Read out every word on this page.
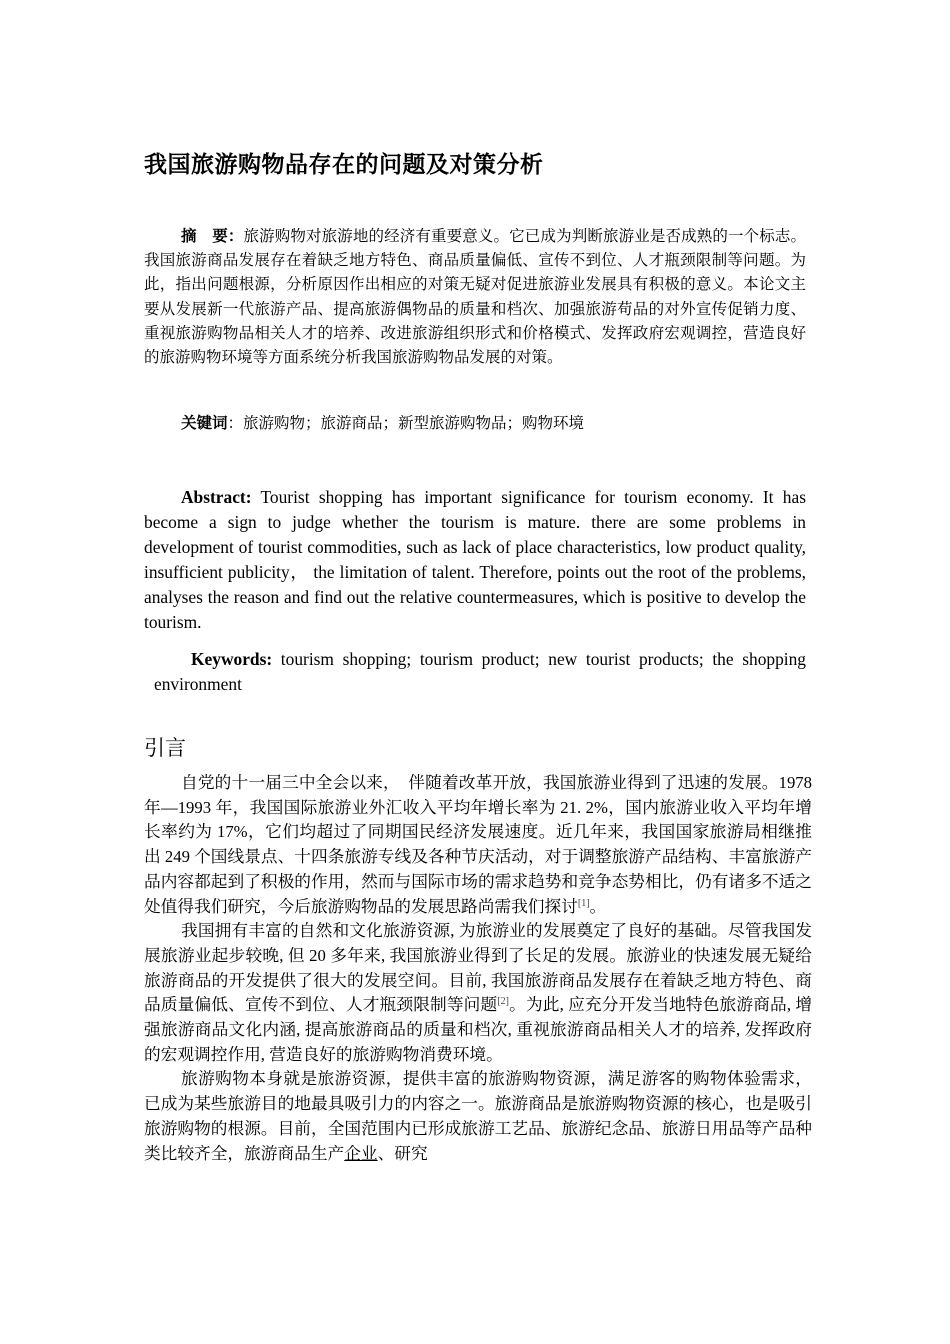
我国旅游购物品存在的问题及对策分析
摘　要：旅游购物对旅游地的经济有重要意义。它已成为判断旅游业是否成熟的一个标志。我国旅游商品发展存在着缺乏地方特色、商品质量偏低、宣传不到位、人才瓶颈限制等问题。为此，指出问题根源，分析原因作出相应的对策无疑对促进旅游业发展具有积极的意义。本论文主要从发展新一代旅游产品、提高旅游偶物品的质量和档次、加强旅游苟品的对外宣传促销力度、重视旅游购物品相关人才的培养、改进旅游组织形式和价格模式、发挥政府宏观调控，营造良好的旅游购物环境等方面系统分析我国旅游购物品发展的对策。
关键词：旅游购物；旅游商品；新型旅游购物品；购物环境
Abstract: Tourist shopping has important significance for tourism economy. It has become a sign to judge whether the tourism is mature. there are some problems in development of tourist commodities, such as lack of place characteristics, low product quality, insufficient publicity， the limitation of talent. Therefore, points out the root of the problems, analyses the reason and find out the relative countermeasures, which is positive to develop the tourism.
Keywords: tourism shopping; tourism product; new tourist products; the shopping environment
引言

自党的十一届三中全会以来，　伴随着改革开放，我国旅游业得到了迅速的发展。1978 年—1993 年，我国国际旅游业外汇收入平均年增长率为 21. 2%，国内旅游业收入平均年增长率约为 17%，它们均超过了同期国民经济发展速度。近几年来，我国国家旅游局相继推出 249 个国线景点、十四条旅游专线及各种节庆活动，对于调整旅游产品结构、丰富旅游产品内容都起到了积极的作用，然而与国际市场的需求趋势和竞争态势相比，仍有诸多不适之处值得我们研究，今后旅游购物品的发展思路尚需我们探讨[1]。

我国拥有丰富的自然和文化旅游资源, 为旅游业的发展奠定了良好的基础。尽管我国发展旅游业起步较晚, 但 20 多年来, 我国旅游业得到了长足的发展。旅游业的快速发展无疑给旅游商品的开发提供了很大的发展空间。目前, 我国旅游商品发展存在着缺乏地方特色、商品质量偏低、宣传不到位、人才瓶颈限制等问题[2]。为此, 应充分开发当地特色旅游商品, 增强旅游商品文化内涵, 提高旅游商品的质量和档次, 重视旅游商品相关人才的培养, 发挥政府的宏观调控作用, 营造良好的旅游购物消费环境。

旅游购物本身就是旅游资源，提供丰富的旅游购物资源，满足游客的购物体验需求，已成为某些旅游目的地最具吸引力的内容之一。旅游商品是旅游购物资源的核心，也是吸引旅游购物的根源。目前，全国范围内已形成旅游工艺品、旅游纪念品、旅游日用品等产品种类比较齐全，旅游商品生产企业、研究
